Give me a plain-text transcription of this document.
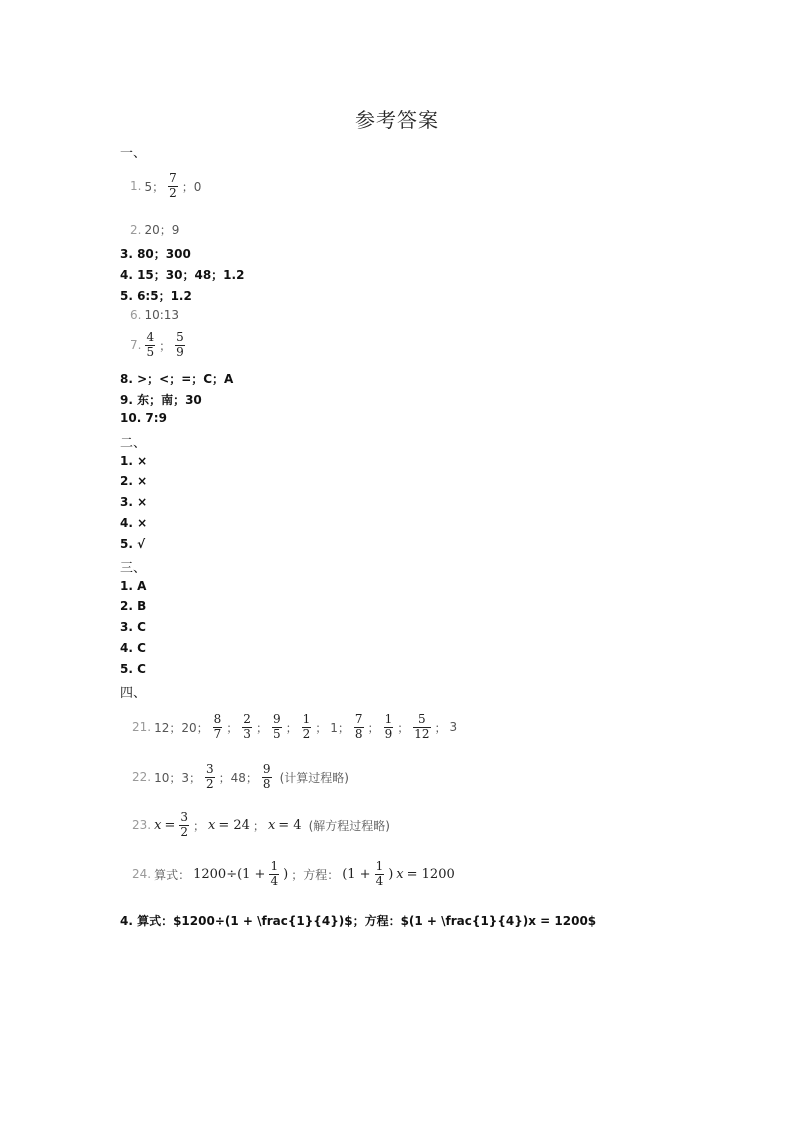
参考答案
一、
1. 5； $\frac{7}{2}$ ；0
2. 20；9
3. 80；300
4. 15；30；48；1.2
5. 6:5；1.2
6. 10:13
7. $\frac{4}{5}$ ； $\frac{5}{9}$
8. >；<；=；C；A
9. 东；南；30
10. 7:9
二、
1. ×
2. ×
3. ×
4. ×
5. √
三、
1. A
2. B
3. C
4. C
5. C
四、
21. 12；20； $\frac{8}{7}$ ； $\frac{2}{3}$ ； $\frac{9}{5}$ ； $\frac{1}{2}$ ； 1； $\frac{7}{8}$ ； $\frac{1}{9}$ ； $\frac{5}{12}$ ； 3
22. 10；3； $\frac{3}{2}$ ；48； $\frac{9}{8}$ (计算过程略)
23. $x = \frac{3}{2}$ ； x = 24 ； x = 4 (解方程过程略)
24. 算式： $1200\div(1 + \frac{1}{4}$ ) ；方程： ($1 + \frac{1}{4}$ ) x = 1200
4. 算式：$1200÷(1 + \frac{1}{4})$；方程：$(1 + \frac{1}{4})x = 1200$
